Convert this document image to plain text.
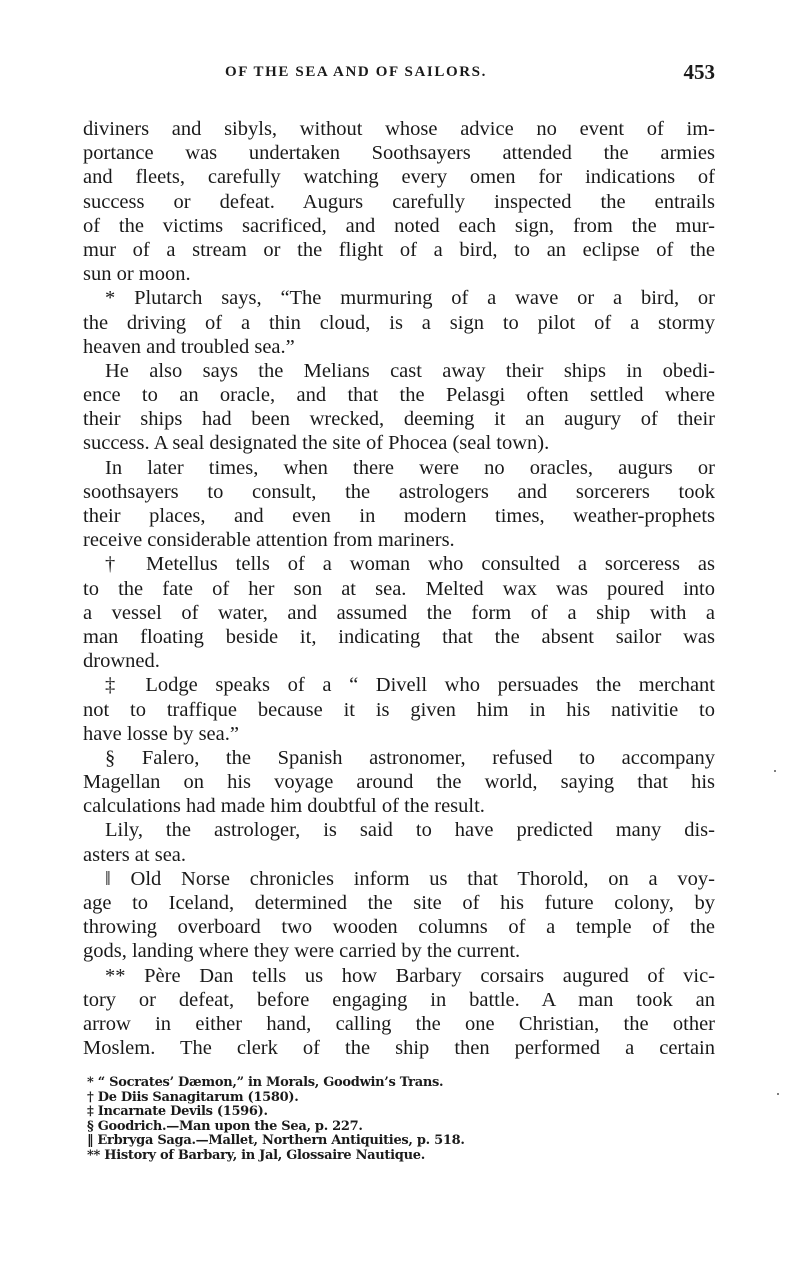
OF THE SEA AND OF SAILORS.	453
diviners and sibyls, without whose advice no event of im-
portance was undertaken Soothsayers attended the armies
and fleets, carefully watching every omen for indications of
success or defeat. Augurs carefully inspected the entrails
of the victims sacrificed, and noted each sign, from the mur-
mur of a stream or the flight of a bird, to an eclipse of the
sun or moon.
* Plutarch says, “The murmuring of a wave or a bird, or
the driving of a thin cloud, is a sign to pilot of a stormy
heaven and troubled sea.”
He also says the Melians cast away their ships in obedi-
ence to an oracle, and that the Pelasgi often settled where
their ships had been wrecked, deeming it an augury of their
success. A seal designated the site of Phocea (seal town).
In later times, when there were no oracles, augurs or
soothsayers to consult, the astrologers and sorcerers took
their places, and even in modern times, weather-prophets
receive considerable attention from mariners.
† Metellus tells of a woman who consulted a sorceress as
to the fate of her son at sea. Melted wax was poured into
a vessel of water, and assumed the form of a ship with a
man floating beside it, indicating that the absent sailor was
drowned.
‡ Lodge speaks of a “ Divell who persuades the merchant
not to traffique because it is given him in his nativitie to
have losse by sea.”
§ Falero, the Spanish astronomer, refused to accompany
Magellan on his voyage around the world, saying that his
calculations had made him doubtful of the result.
Lily, the astrologer, is said to have predicted many dis-
asters at sea.
‖ Old Norse chronicles inform us that Thorold, on a voy-
age to Iceland, determined the site of his future colony, by
throwing overboard two wooden columns of a temple of the
gods, landing where they were carried by the current.
** Père Dan tells us how Barbary corsairs augured of vic-
tory or defeat, before engaging in battle. A man took an
arrow in either hand, calling the one Christian, the other
Moslem. The clerk of the ship then performed a certain
* “ Socrates’ Dæmon,” in Morals, Goodwin’s Trans.
† De Diis Sanagitarum (1580).
‡ Incarnate Devils (1596).
§ Goodrich.—Man upon the Sea, p. 227.
‖ Erbryga Saga.—Mallet, Northern Antiquities, p. 518.
** History of Barbary, in Jal, Glossaire Nautique.
